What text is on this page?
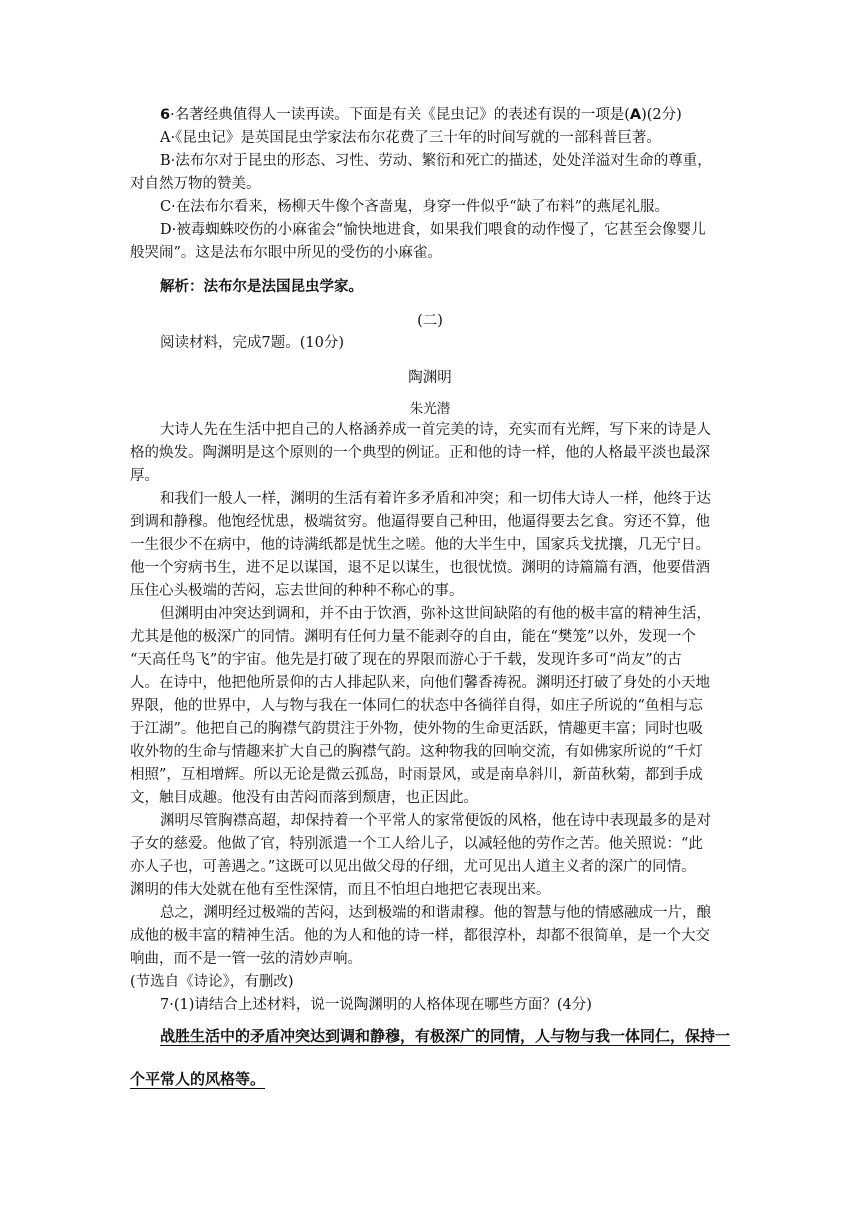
6·名著经典值得人一读再读。下面是有关《昆虫记》的表述有误的一项是(A)(2分)
A·《昆虫记》是英国昆虫学家法布尔花费了三十年的时间写就的一部科普巨著。
B·法布尔对于昆虫的形态、习性、劳动、繁衍和死亡的描述，处处洋溢对生命的尊重，
对自然万物的赞美。
C·在法布尔看来，杨柳天牛像个吝啬鬼，身穿一件似乎“缺了布料”的燕尾礼服。
D·被毒蜘蛛咬伤的小麻雀会“愉快地进食，如果我们喂食的动作慢了，它甚至会像婴儿
般哭闹”。这是法布尔眼中所见的受伤的小麻雀。
解析：法布尔是法国昆虫学家。
(二)
阅读材料，完成7题。(10分)
陶渊明
朱光潜
大诗人先在生活中把自己的人格涵养成一首完美的诗，充实而有光辉，写下来的诗是人
格的焕发。陶渊明是这个原则的一个典型的例证。正和他的诗一样，他的人格最平淡也最深
厚。
和我们一般人一样，渊明的生活有着许多矛盾和冲突；和一切伟大诗人一样，他终于达
到调和静穆。他饱经忧患，极端贫穷。他逼得要自己种田，他逼得要去乞食。穷还不算，他
一生很少不在病中，他的诗满纸都是忧生之嗟。他的大半生中，国家兵戈扰攘，几无宁日。
他一个穷病书生，进不足以谋国，退不足以谋生，也很忧愤。渊明的诗篇篇有酒，他要借酒
压住心头极端的苦闷，忘去世间的种种不称心的事。
但渊明由冲突达到调和，并不由于饮酒，弥补这世间缺陷的有他的极丰富的精神生活，
尤其是他的极深广的同情。渊明有任何力量不能剥夺的自由，能在“樊笼”以外，发现一个
“天高任鸟飞”的宇宙。他先是打破了现在的界限而游心于千载，发现许多可“尚友”的古
人。在诗中，他把他所景仰的古人排起队来，向他们馨香祷祝。渊明还打破了身处的小天地
界限，他的世界中，人与物与我在一体同仁的状态中各徜徉自得，如庄子所说的“鱼相与忘
于江湖”。他把自己的胸襟气韵贯注于外物，使外物的生命更活跃，情趣更丰富；同时也吸
收外物的生命与情趣来扩大自己的胸襟气韵。这种物我的回响交流，有如佛家所说的“千灯
相照”，互相增辉。所以无论是微云孤岛，时雨景风，或是南阜斜川，新苗秋菊，都到手成
文，触目成趣。他没有由苦闷而落到颓唐，也正因此。
渊明尽管胸襟高超，却保持着一个平常人的家常便饭的风格，他在诗中表现最多的是对
子女的慈爱。他做了官，特别派遣一个工人给儿子，以减轻他的劳作之苦。他关照说：“此
亦人子也，可善遇之。”这既可以见出做父母的仔细，尤可见出人道主义者的深广的同情。
渊明的伟大处就在他有至性深情，而且不怕坦白地把它表现出来。
总之，渊明经过极端的苦闷，达到极端的和谐肃穆。他的智慧与他的情感融成一片，酿
成他的极丰富的精神生活。他的为人和他的诗一样，都很淳朴，却都不很简单，是一个大交
响曲，而不是一管一弦的清妙声响。
(节选自《诗论》，有删改)
7·(1)请结合上述材料，说一说陶渊明的人格体现在哪些方面？(4分)
战胜生活中的矛盾冲突达到调和静穆，有极深广的同情，人与物与我一体同仁，保持一
个平常人的风格等。
